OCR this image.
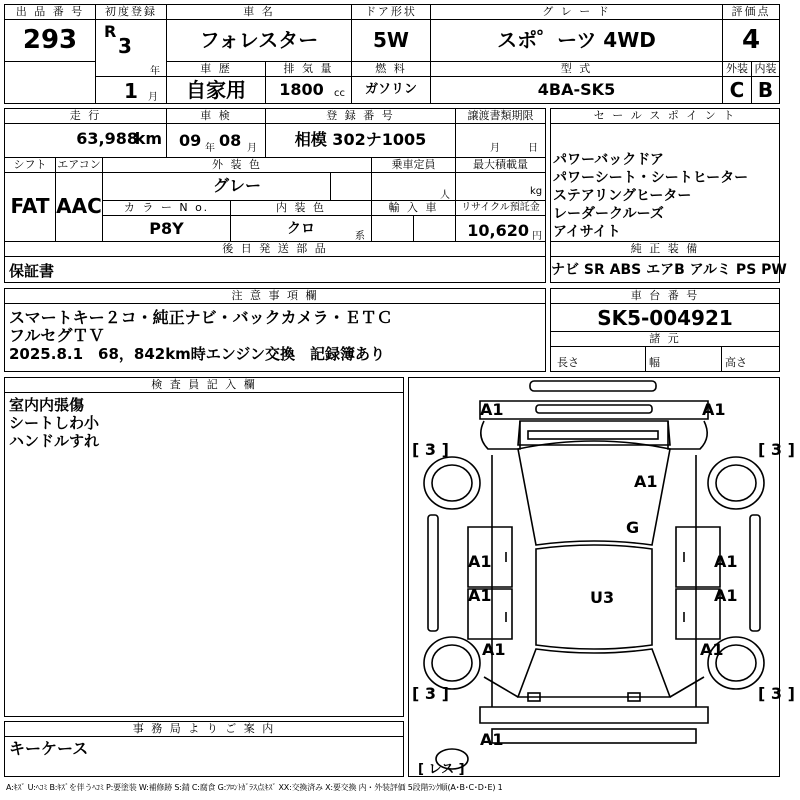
出 品 番 号
293
初度登録
R
3
年
1 月
車 名
フォレスター
ドア形状
5W
グ レ ー ド
スポ゜ーツ 4WD
評価点
4
車 歴
自家用
排 気 量
1800	cc
燃 料
ガソリン
型 式
4BA-SK5
外装
C
内装
B
走 行
63,988
km
車 検
09 年 08 月
登 録 番 号
相模 302ナ1005
譲渡書類期限
月	日
シフト
FAT
エアコン
AAC
外 装 色
グレー
乗車定員
人
最大積載量
kg
カ ラ ー N o.
P8Y
内 装 色
クロ	系
輸 入 車	リサイクル預託金
10,620 円
後 日 発 送 部 品
保証書
セ ー ル ス ポ イ ン ト
パワーバックドア
パワーシート・シートヒーター
ステアリングヒーター
レーダークルーズ
アイサイト
純 正 装 備
ナビ SR ABS エアB アルミ PS PW
注 意 事 項 欄
スマートキー２コ・純正ナビ・バックカメラ・ＥＴＣ
フルセグＴＶ
2025.8.1　68，842km時エンジン交換　記録簿あり
車 台 番 号
SK5-004921
諸 元
長さ	幅	高さ
検 査 員 記 入 欄
室内内張傷
シートしわ小
ハンドルすれ
事 務 局 よ り ご 案 内
キーケース
A1	A1
A1
G
U3
A1	A1
A1	A1
A1	A1
A1
[ 3 ]	[ 3 ]
[ 3 ]	[ 3 ]
[ レス ]
A:ｷｽﾞ U:ﾍｺﾐ B:ｷｽﾞを伴うﾍｺﾐ P:要塗装 W:補修跡 S:錆 C:腐食 G:ﾌﾛﾝﾄｶﾞﾗｽ点ｷｽﾞ XX:交換済み X:要交換 内・外装評価 5段階ﾗﾝｸ順(A･B･C･D･E) 1
